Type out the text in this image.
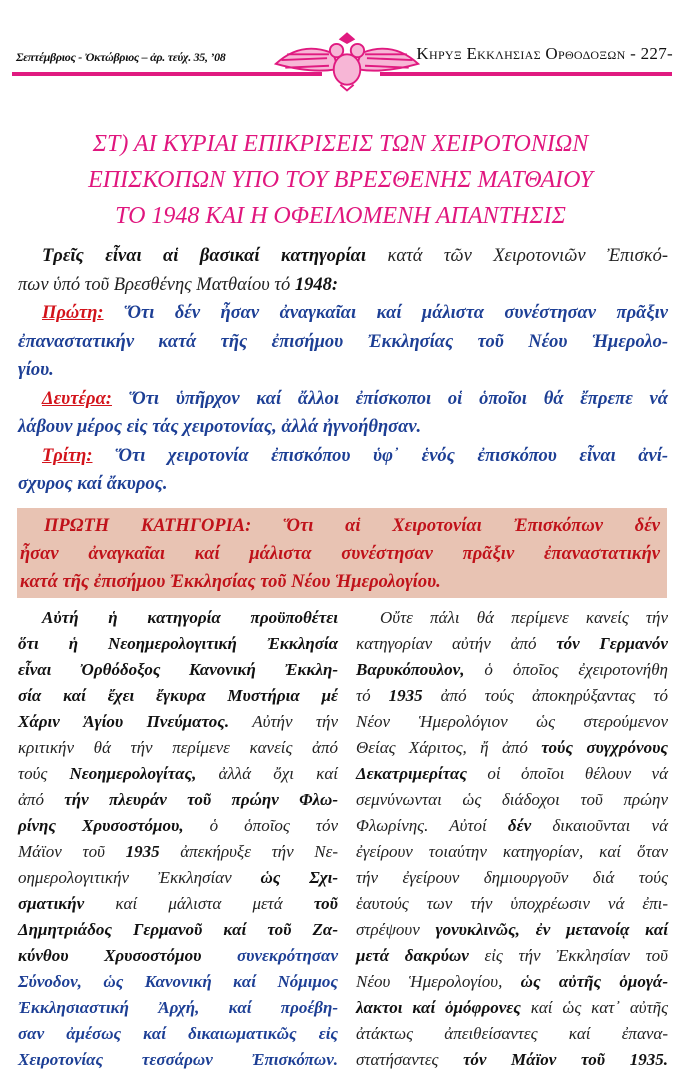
Σεπτέμβριος - Ὀκτώβριος – ἀρ. τεύχ. 35, ’08	Κηρυξ Εκκλησιας Ορθοδοξων - 227-
ΣΤ) ΑΙ ΚΥΡΙΑΙ ΕΠΙΚΡΙΣΕΙΣ ΤΩΝ ΧΕΙΡΟΤΟΝΙΩΝ
ΕΠΙΣΚΟΠΩΝ ΥΠΟ ΤΟΥ ΒΡΕΣΘΕΝΗΣ ΜΑΤΘΑΙΟΥ
ΤΟ 1948 ΚΑΙ Η ΟΦΕΙΛΟΜΕΝΗ ΑΠΑΝΤΗΣΙΣ
Τρεῖς εἶναι αἱ βασικαί κατηγορίαι κατά τῶν Χειροτονιῶν Ἐπισκό-
πων ὑπό τοῦ Βρεσθένης Ματθαίου τό 1948:
Πρώτη: Ὅτι δέν ἦσαν ἀναγκαῖαι καί μάλιστα συνέστησαν πρᾶξιν
ἐπαναστατικήν κατά τῆς ἐπισήμου Ἐκκλησίας τοῦ Νέου Ἡμερολο-
γίου.
Δευτέρα: Ὅτι ὑπῆρχον καί ἄλλοι ἐπίσκοποι οἱ ὁποῖοι θά ἔπρεπε νά
λάβουν μέρος εἰς τάς χειροτονίας, ἀλλά ἠγνοήθησαν.
Τρίτη: Ὅτι χειροτονία ἐπισκόπου ὑφ᾽ ἑνός ἐπισκόπου εἶναι ἀνί-
σχυρος καί ἄκυρος.
ΠΡΩΤΗ ΚΑΤΗΓΟΡΙΑ: Ὅτι αἱ Χειροτονίαι Ἐπισκόπων δέν
ἦσαν ἀναγκαῖαι καί μάλιστα συνέστησαν πρᾶξιν ἐπαναστατικήν
κατά τῆς ἐπισήμου Ἐκκλησίας τοῦ Νέου Ἡμερολογίου.
Αὐτή ἡ κατηγορία προϋποθέτει
ὅτι ἡ Νεοημερολογιτική Ἐκκλησία
εἶναι Ὀρθόδοξος Κανονική Ἐκκλη-
σία καί ἔχει ἔγκυρα Μυστήρια μέ
Χάριν Ἁγίου Πνεύματος. Αὐτήν τήν
κριτικήν θά τήν περίμενε κανείς ἀπό
τούς Νεοημερολογίτας, ἀλλά ὄχι καί
ἀπό τήν πλευράν τοῦ πρώην Φλω-
ρίνης Χρυσοστόμου, ὁ ὁποῖος τόν
Μάϊον τοῦ 1935 ἀπεκήρυξε τήν Νε-
οημερολογιτικήν Ἐκκλησίαν ὡς Σχι-
σματικήν καί μάλιστα μετά τοῦ
Δημητριάδος Γερμανοῦ καί τοῦ Ζα-
κύνθου Χρυσοστόμου συνεκρότησαν
Σύνοδον, ὡς Κανονική καί Νόμιμος
Ἐκκλησιαστική Ἀρχή, καί προέβη-
σαν ἀμέσως καί δικαιωματικῶς εἰς
Χειροτονίας τεσσάρων Ἐπισκόπων.
Οὔτε πάλι θά περίμενε κανείς τήν
κατηγορίαν αὐτήν ἀπό τόν Γερμανόν
Βαρυκόπουλον, ὁ ὁποῖος ἐχειροτονήθη
τό 1935 ἀπό τούς ἀποκηρύξαντας τό
Νέον Ἡμερολόγιον ὡς στερούμενον
Θείας Χάριτος, ἤ ἀπό τούς συγχρόνους
Δεκατριμερίτας οἱ ὁποῖοι θέλουν νά
σεμνύνωνται ὡς διάδοχοι τοῦ πρώην
Φλωρίνης. Αὐτοί δέν δικαιοῦνται νά
ἐγείρουν τοιαύτην κατηγορίαν, καί ὅταν
τήν ἐγείρουν δημιουργοῦν διά τούς
ἑαυτούς των τήν ὑποχρέωσιν νά ἐπι-
στρέψουν γονυκλινῶς, ἐν μετανοίᾳ καί
μετά δακρύων εἰς τήν Ἐκκλησίαν τοῦ
Νέου Ἡμερολογίου, ὡς αὐτῆς ὁμογά-
λακτοι καί ὁμόφρονες καί ὡς κατ᾽ αὐτῆς
ἀτάκτως ἀπειθείσαντες καί ἐπανα-
στατήσαντες τόν Μάϊον τοῦ 1935.
